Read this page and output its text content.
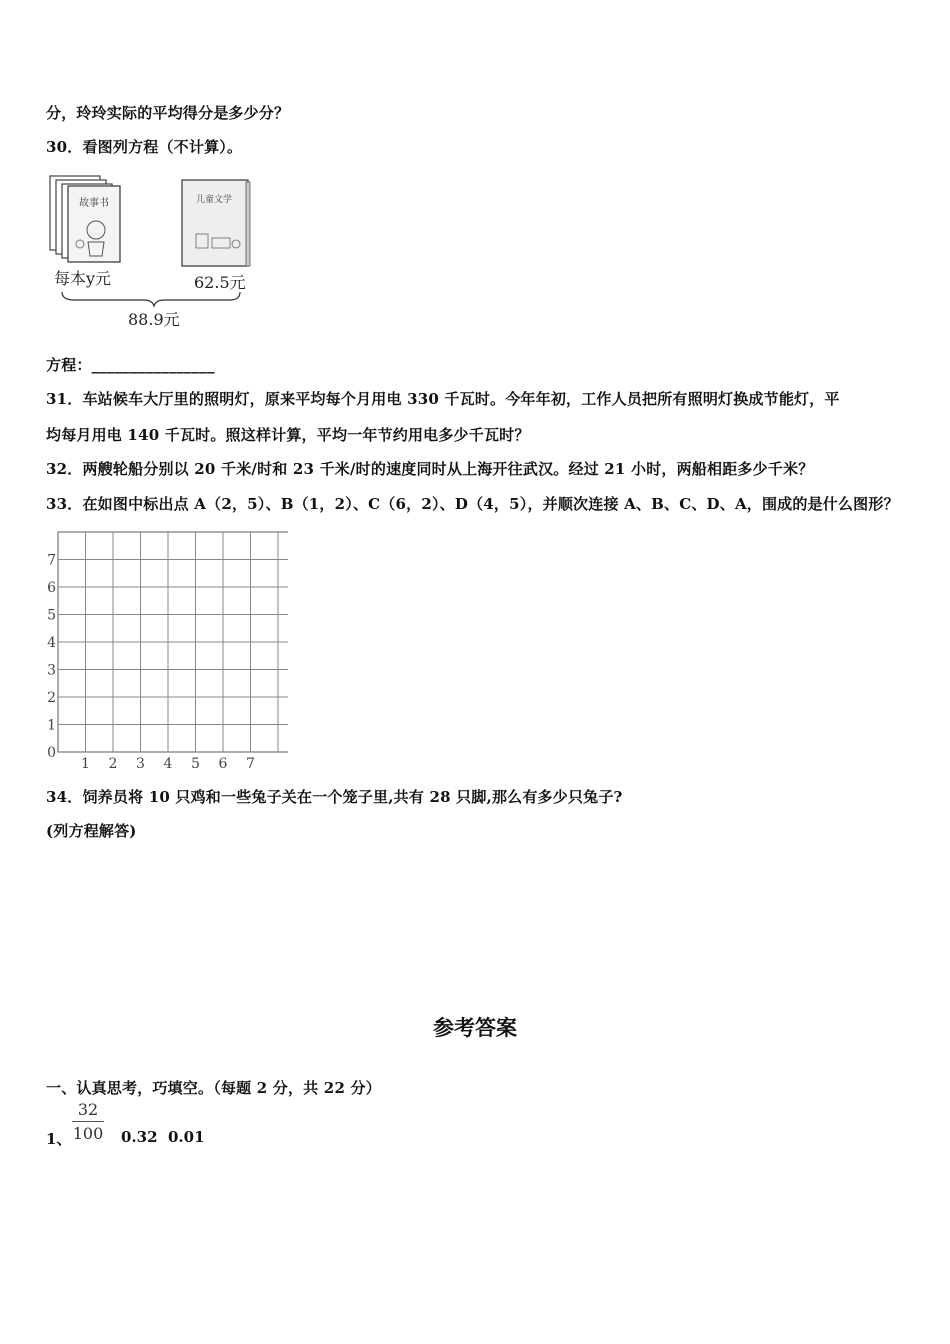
分，玲玲实际的平均得分是多少分？
30．看图列方程（不计算）。
故事书	儿童文学
每本y元	62.5元
88.9元
方程：________________
31．车站候车大厅里的照明灯，原来平均每个月用电 330 千瓦时。今年年初，工作人员把所有照明灯换成节能灯，平
均每月用电 140 千瓦时。照这样计算，平均一年节约用电多少千瓦时？
32．两艘轮船分别以 20 千米/时和 23 千米/时的速度同时从上海开往武汉。经过 21 小时，两船相距多少千米？
33．在如图中标出点 A（2，5）、B（1，2）、C（6，2）、D（4，5），并顺次连接 A、B、C、D、A，围成的是什么图形？
7
6
5
4
3
2
1
0
1 2 3 4 5 6 7
34．饲养员将 10 只鸡和一些兔子关在一个笼子里,共有 28 只脚,那么有多少只兔子?
(列方程解答)
参考答案
一、认真思考，巧填空。（每题 2 分，共 22 分）
1、
32
100 0.32 0.01
